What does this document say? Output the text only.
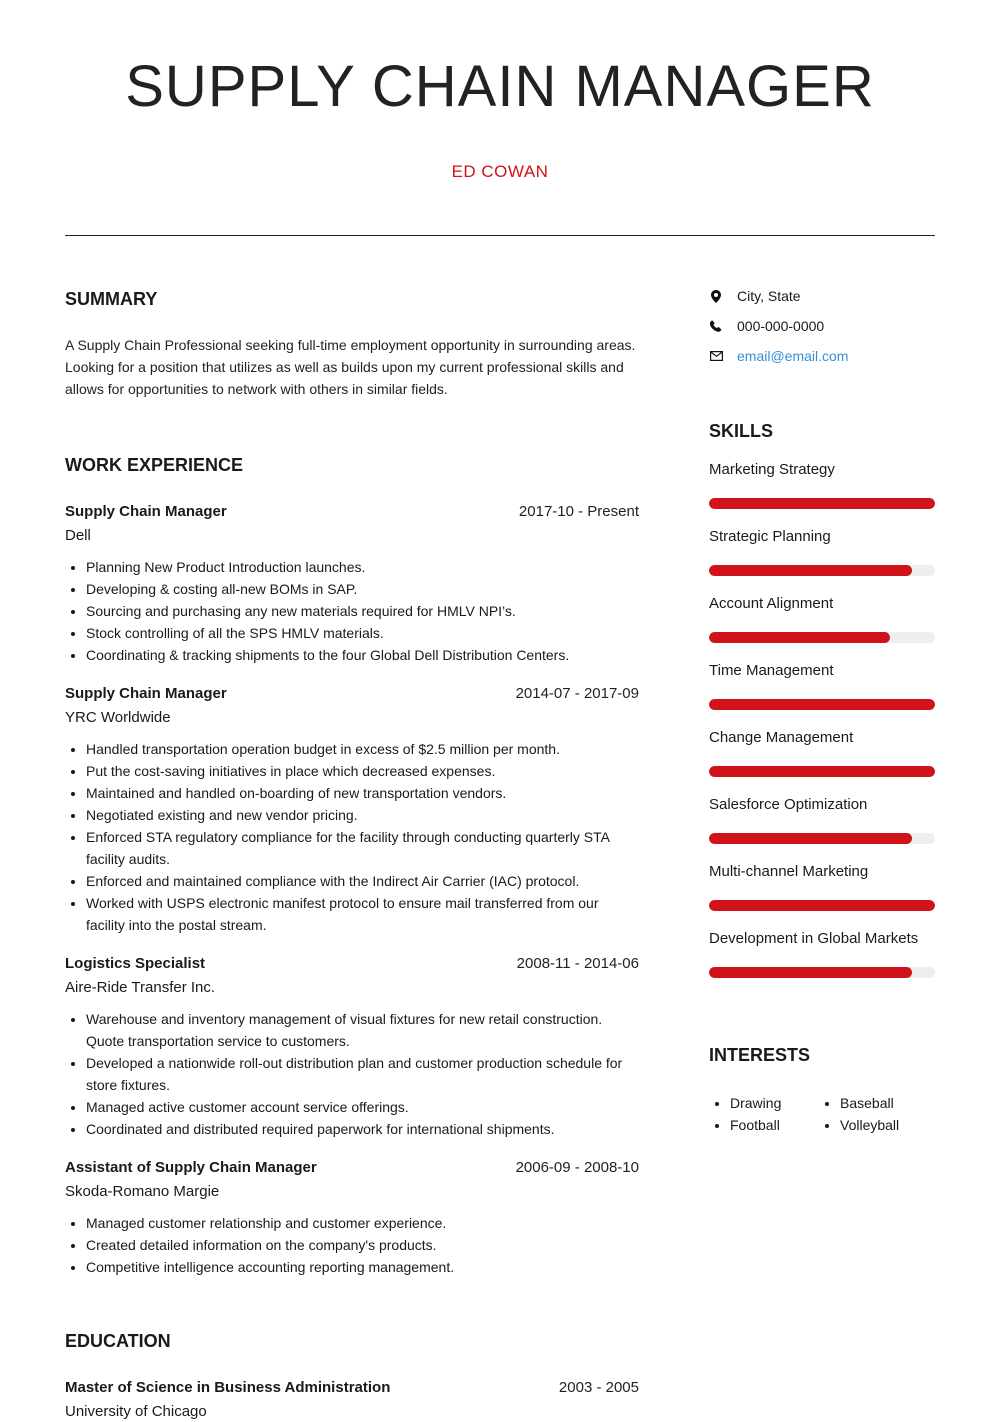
SUPPLY CHAIN MANAGER
ED COWAN
SUMMARY
A Supply Chain Professional seeking full-time employment opportunity in surrounding areas. Looking for a position that utilizes as well as builds upon my current professional skills and allows for opportunities to network with others in similar fields.
WORK EXPERIENCE
Supply Chain Manager	2017-10 - Present
Dell
• Planning New Product Introduction launches.
• Developing & costing all-new BOMs in SAP.
• Sourcing and purchasing any new materials required for HMLV NPI’s.
• Stock controlling of all the SPS HMLV materials.
• Coordinating & tracking shipments to the four Global Dell Distribution Centers.
Supply Chain Manager	2014-07 - 2017-09
YRC Worldwide
• Handled transportation operation budget in excess of $2.5 million per month.
• Put the cost-saving initiatives in place which decreased expenses.
• Maintained and handled on-boarding of new transportation vendors.
• Negotiated existing and new vendor pricing.
• Enforced STA regulatory compliance for the facility through conducting quarterly STA facility audits.
• Enforced and maintained compliance with the Indirect Air Carrier (IAC) protocol.
• Worked with USPS electronic manifest protocol to ensure mail transferred from our facility into the postal stream.
Logistics Specialist	2008-11 - 2014-06
Aire-Ride Transfer Inc.
• Warehouse and inventory management of visual fixtures for new retail construction. Quote transportation service to customers.
• Developed a nationwide roll-out distribution plan and customer production schedule for store fixtures.
• Managed active customer account service offerings.
• Coordinated and distributed required paperwork for international shipments.
Assistant of Supply Chain Manager	2006-09 - 2008-10
Skoda-Romano Margie
• Managed customer relationship and customer experience.
• Created detailed information on the company's products.
• Competitive intelligence accounting reporting management.
EDUCATION
Master of Science in Business Administration	2003 - 2005
University of Chicago
City, State
000-000-0000
email@email.com
SKILLS
Marketing Strategy
Strategic Planning
Account Alignment
Time Management
Change Management
Salesforce Optimization
Multi-channel Marketing
Development in Global Markets
INTERESTS
• Drawing
• Football
• Baseball
• Volleyball
